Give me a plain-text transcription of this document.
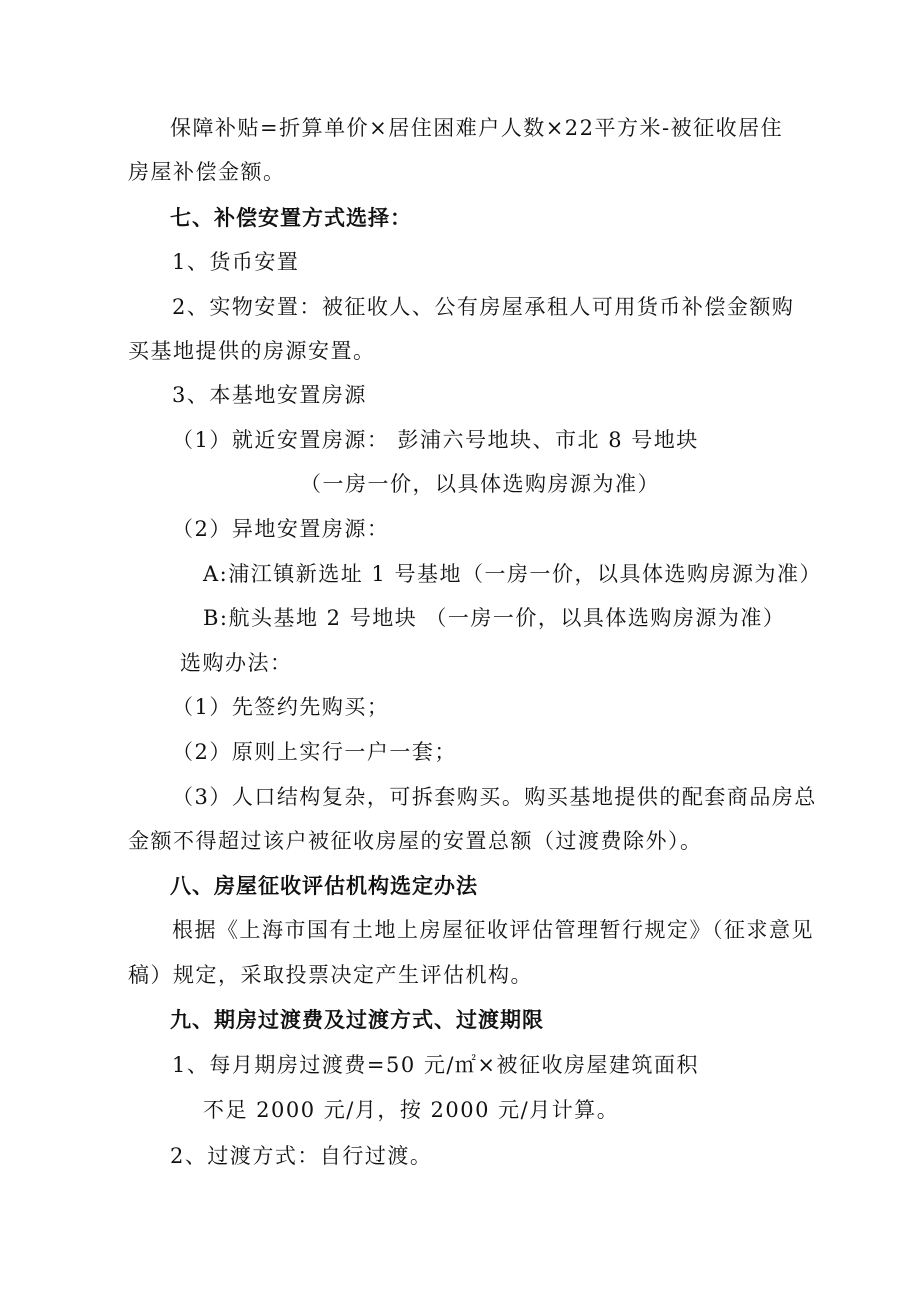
保障补贴=折算单价×居住困难户人数×22平方米-被征收居住
房屋补偿金额。
七、补偿安置方式选择：
1、货币安置
2、实物安置：被征收人、公有房屋承租人可用货币补偿金额购
买基地提供的房源安置。
3、本基地安置房源
（1）就近安置房源： 彭浦六号地块、市北 8 号地块
（一房一价，以具体选购房源为准）
（2）异地安置房源：
A:浦江镇新选址 1 号基地（一房一价，以具体选购房源为准）
B:航头基地 2 号地块 （一房一价，以具体选购房源为准）
选购办法：
（1）先签约先购买；
（2）原则上实行一户一套；
（3）人口结构复杂，可拆套购买。购买基地提供的配套商品房总
金额不得超过该户被征收房屋的安置总额（过渡费除外）。
八、房屋征收评估机构选定办法
根据《上海市国有土地上房屋征收评估管理暂行规定》（征求意见
稿）规定，采取投票决定产生评估机构。
九、期房过渡费及过渡方式、过渡期限
1、每月期房过渡费=50 元/㎡×被征收房屋建筑面积
不足 2000 元/月，按 2000 元/月计算。
2、过渡方式：自行过渡。
